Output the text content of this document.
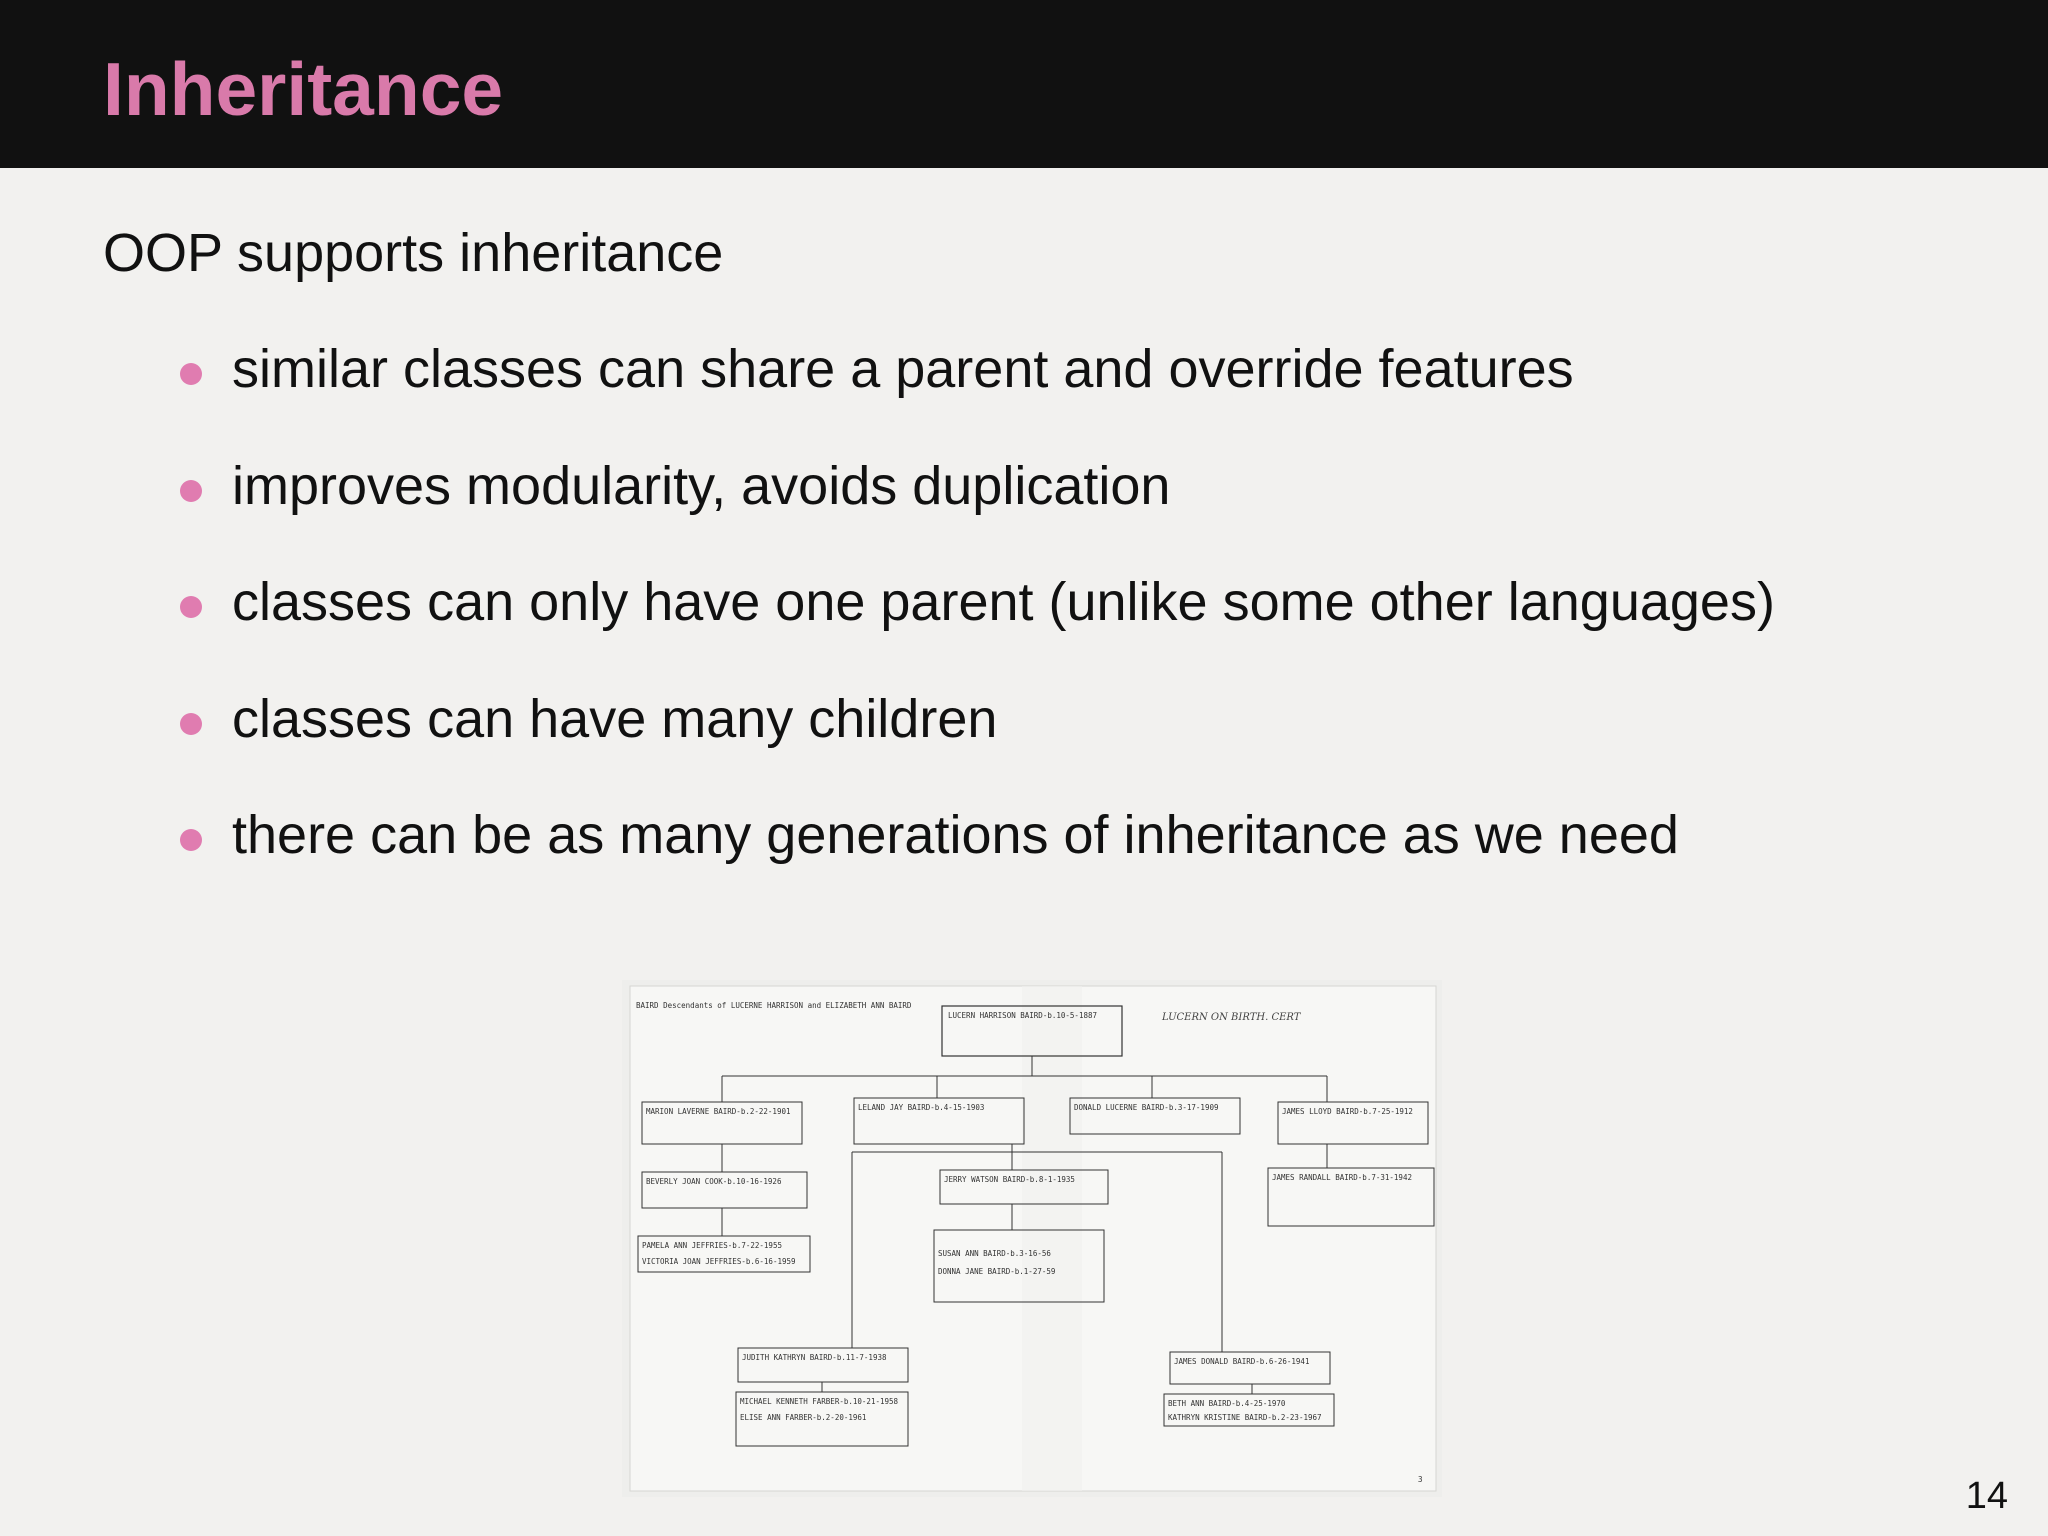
Inheritance
OOP supports inheritance
similar classes can share a parent and override features
improves modularity, avoids duplication
classes can only have one parent (unlike some other languages)
classes can have many children
there can be as many generations of inheritance as we need
BAIRD Descendants of LUCERNE HARRISON and ELIZABETH ANN BAIRD
LUCERN ON BIRTH. CERT
LUCERN HARRISON BAIRD-b.10-5-1887
MARION LAVERNE BAIRD-b.2-22-1901	LELAND JAY BAIRD-b.4-15-1903	DONALD LUCERNE BAIRD-b.3-17-1909	JAMES LLOYD BAIRD-b.7-25-1912
BEVERLY JOAN COOK-b.10-16-1926	JERRY WATSON BAIRD-b.8-1-1935	JAMES RANDALL BAIRD-b.7-31-1942
JUDITH KATHRYN BAIRD-b.11-7-1938	JAMES DONALD BAIRD-b.6-26-1941
PAMELA ANN JEFFRIES-b.7-22-1955
VICTORIA JOAN JEFFRIES-b.6-16-1959
SUSAN ANN BAIRD-b.3-16-56
DONNA JANE BAIRD-b.1-27-59
MICHAEL KENNETH FARBER-b.10-21-1958
ELISE ANN FARBER-b.2-20-1961
BETH ANN BAIRD-b.4-25-1970
KATHRYN KRISTINE BAIRD-b.2-23-1967
3	14
